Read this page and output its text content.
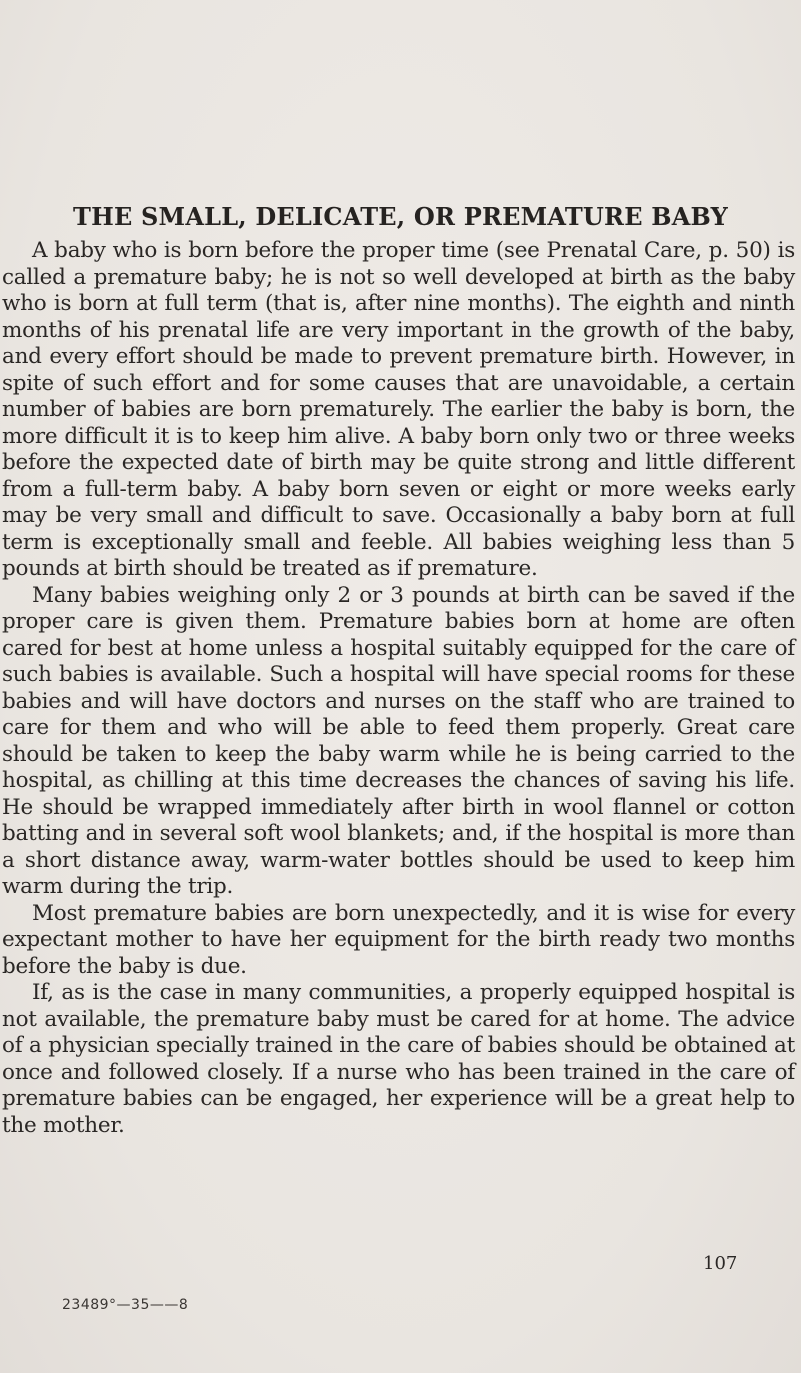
THE SMALL, DELICATE, OR PREMATURE BABY

A baby who is born before the proper time (see Prenatal Care, p. 50) is called a premature baby; he is not so well developed at birth as the baby who is born at full term (that is, after nine months). The eighth and ninth months of his prenatal life are very important in the growth of the baby, and every effort should be made to prevent premature birth. However, in spite of such effort and for some causes that are unavoidable, a certain number of babies are born prematurely. The earlier the baby is born, the more difficult it is to keep him alive. A baby born only two or three weeks before the expected date of birth may be quite strong and little different from a full-term baby. A baby born seven or eight or more weeks early may be very small and difficult to save. Occasionally a baby born at full term is exceptionally small and feeble. All babies weighing less than 5 pounds at birth should be treated as if premature.

Many babies weighing only 2 or 3 pounds at birth can be saved if the proper care is given them. Premature babies born at home are often cared for best at home unless a hospital suitably equipped for the care of such babies is available. Such a hospital will have special rooms for these babies and will have doctors and nurses on the staff who are trained to care for them and who will be able to feed them properly. Great care should be taken to keep the baby warm while he is being carried to the hospital, as chilling at this time decreases the chances of saving his life. He should be wrapped immediately after birth in wool flannel or cotton batting and in several soft wool blankets; and, if the hospital is more than a short distance away, warm-water bottles should be used to keep him warm during the trip.

Most premature babies are born unexpectedly, and it is wise for every expectant mother to have her equipment for the birth ready two months before the baby is due.

If, as is the case in many communities, a properly equipped hospital is not available, the premature baby must be cared for at home. The advice of a physician specially trained in the care of babies should be obtained at once and followed closely. If a nurse who has been trained in the care of premature babies can be engaged, her experience will be a great help to the mother.

107

23489°—35——8
